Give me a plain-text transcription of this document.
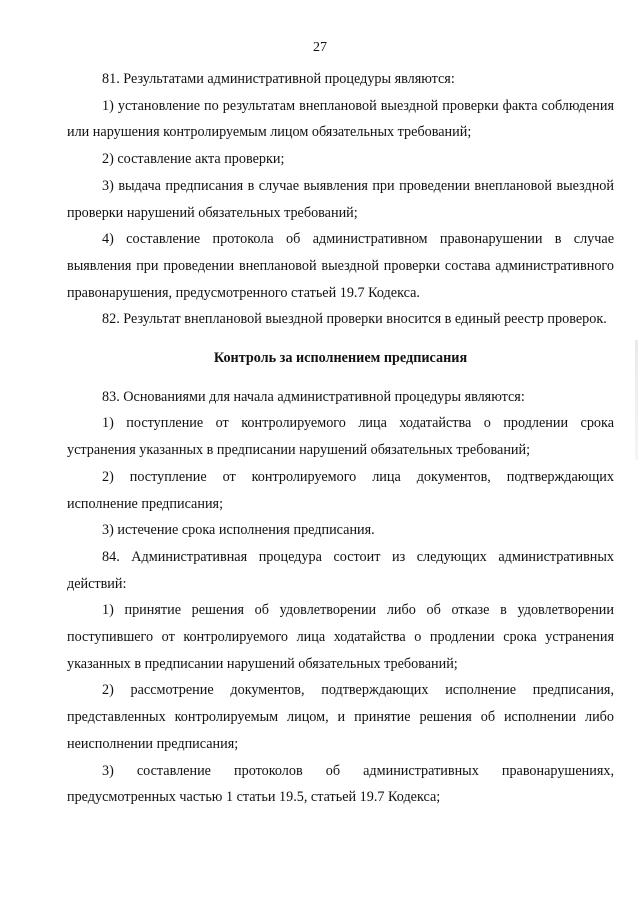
27

81. Результатами административной процедуры являются:

1) установление по результатам внеплановой выездной проверки факта соблюдения или нарушения контролируемым лицом обязательных требований;

2) составление акта проверки;

3) выдача предписания в случае выявления при проведении внеплановой выездной проверки нарушений обязательных требований;

4) составление протокола об административном правонарушении в случае выявления при проведении внеплановой выездной проверки состава административного правонарушения, предусмотренного статьей 19.7 Кодекса.

82. Результат внеплановой выездной проверки вносится в единый реестр проверок.

Контроль за исполнением предписания

83. Основаниями для начала административной процедуры являются:

1) поступление от контролируемого лица ходатайства о продлении срока устранения указанных в предписании нарушений обязательных требований;

2) поступление от контролируемого лица документов, подтверждающих исполнение предписания;

3) истечение срока исполнения предписания.

84. Административная процедура состоит из следующих административных действий:

1) принятие решения об удовлетворении либо об отказе в удовлетворении поступившего от контролируемого лица ходатайства о продлении срока устранения указанных в предписании нарушений обязательных требований;

2) рассмотрение документов, подтверждающих исполнение предписания, представленных контролируемым лицом, и принятие решения об исполнении либо неисполнении предписания;

3) составление протоколов об административных правонарушениях, предусмотренных частью 1 статьи 19.5, статьей 19.7 Кодекса;
